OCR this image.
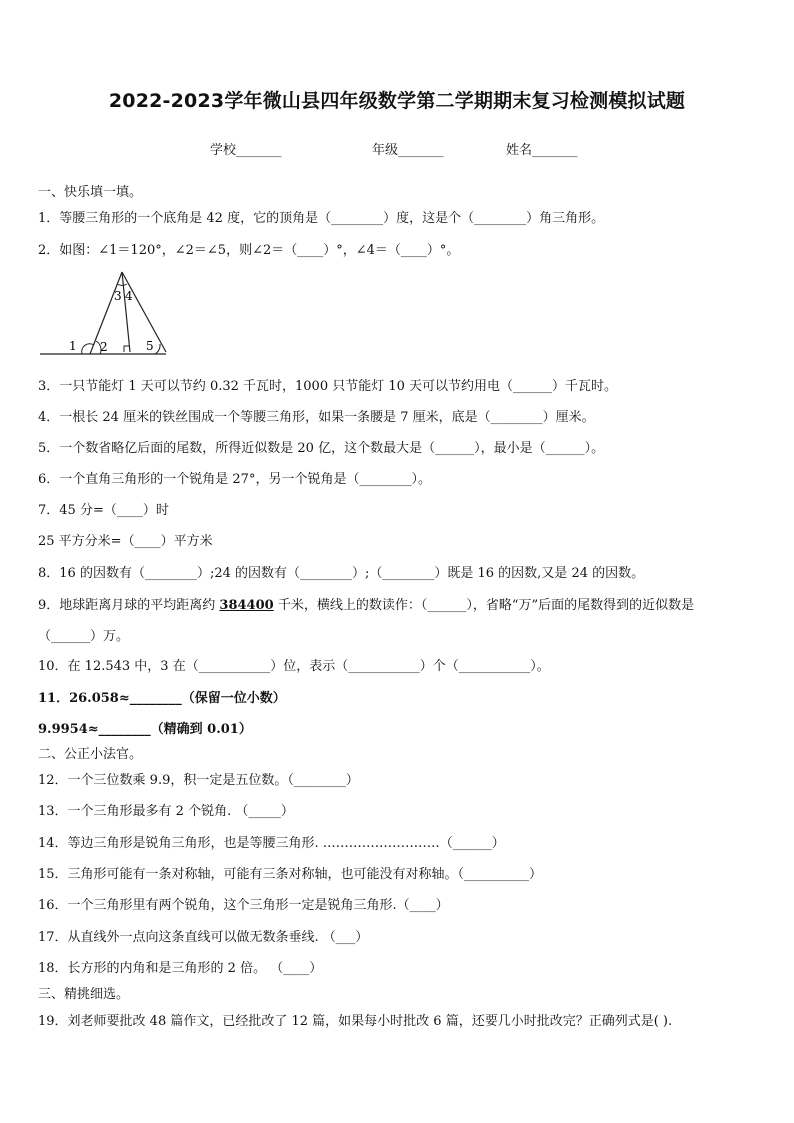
2022-2023学年微山县四年级数学第二学期期末复习检测模拟试题
学校_______	年级_______	姓名_______
一、快乐填一填。
1．等腰三角形的一个底角是 42 度，它的顶角是（________）度，这是个（________）角三角形。
2．如图：∠1＝120°，∠2＝∠5，则∠2＝（____）°，∠4＝（____）°。
1 2
3 4
5
3．一只节能灯 1 天可以节约 0.32 千瓦时，1000 只节能灯 10 天可以节约用电（______）千瓦时。
4．一根长 24 厘米的铁丝围成一个等腰三角形，如果一条腰是 7 厘米，底是（________）厘米。
5．一个数省略亿后面的尾数，所得近似数是 20 亿，这个数最大是（______），最小是（______）。
6．一个直角三角形的一个锐角是 27°，另一个锐角是（________）。
7．45 分=（____）时
25 平方分米=（____）平方米
8．16 的因数有（________）;24 的因数有（________）;（________）既是 16 的因数,又是 24 的因数。
9．地球距离月球的平均距离约 384400 千米，横线上的数读作：（______），省略“万”后面的尾数得到的近似数是
（______）万。
10．在 12.543 中，3 在（___________）位，表示（___________）个（___________）。
11．26.058≈________（保留一位小数）
9.9954≈________（精确到 0.01）
二、公正小法官。
12．一个三位数乘 9.9，积一定是五位数。（________）
13．一个三角形最多有 2 个锐角. （_____）
14．等边三角形是锐角三角形，也是等腰三角形. ………………………（______）
15．三角形可能有一条对称轴，可能有三条对称轴，也可能没有对称轴。（__________）
16．一个三角形里有两个锐角，这个三角形一定是锐角三角形.（____）
17．从直线外一点向这条直线可以做无数条垂线. （___）
18．长方形的内角和是三角形的 2 倍。 （____）
三、精挑细选。
19．刘老师要批改 48 篇作文，已经批改了 12 篇，如果每小时批改 6 篇，还要几小时批改完？正确列式是( ).
